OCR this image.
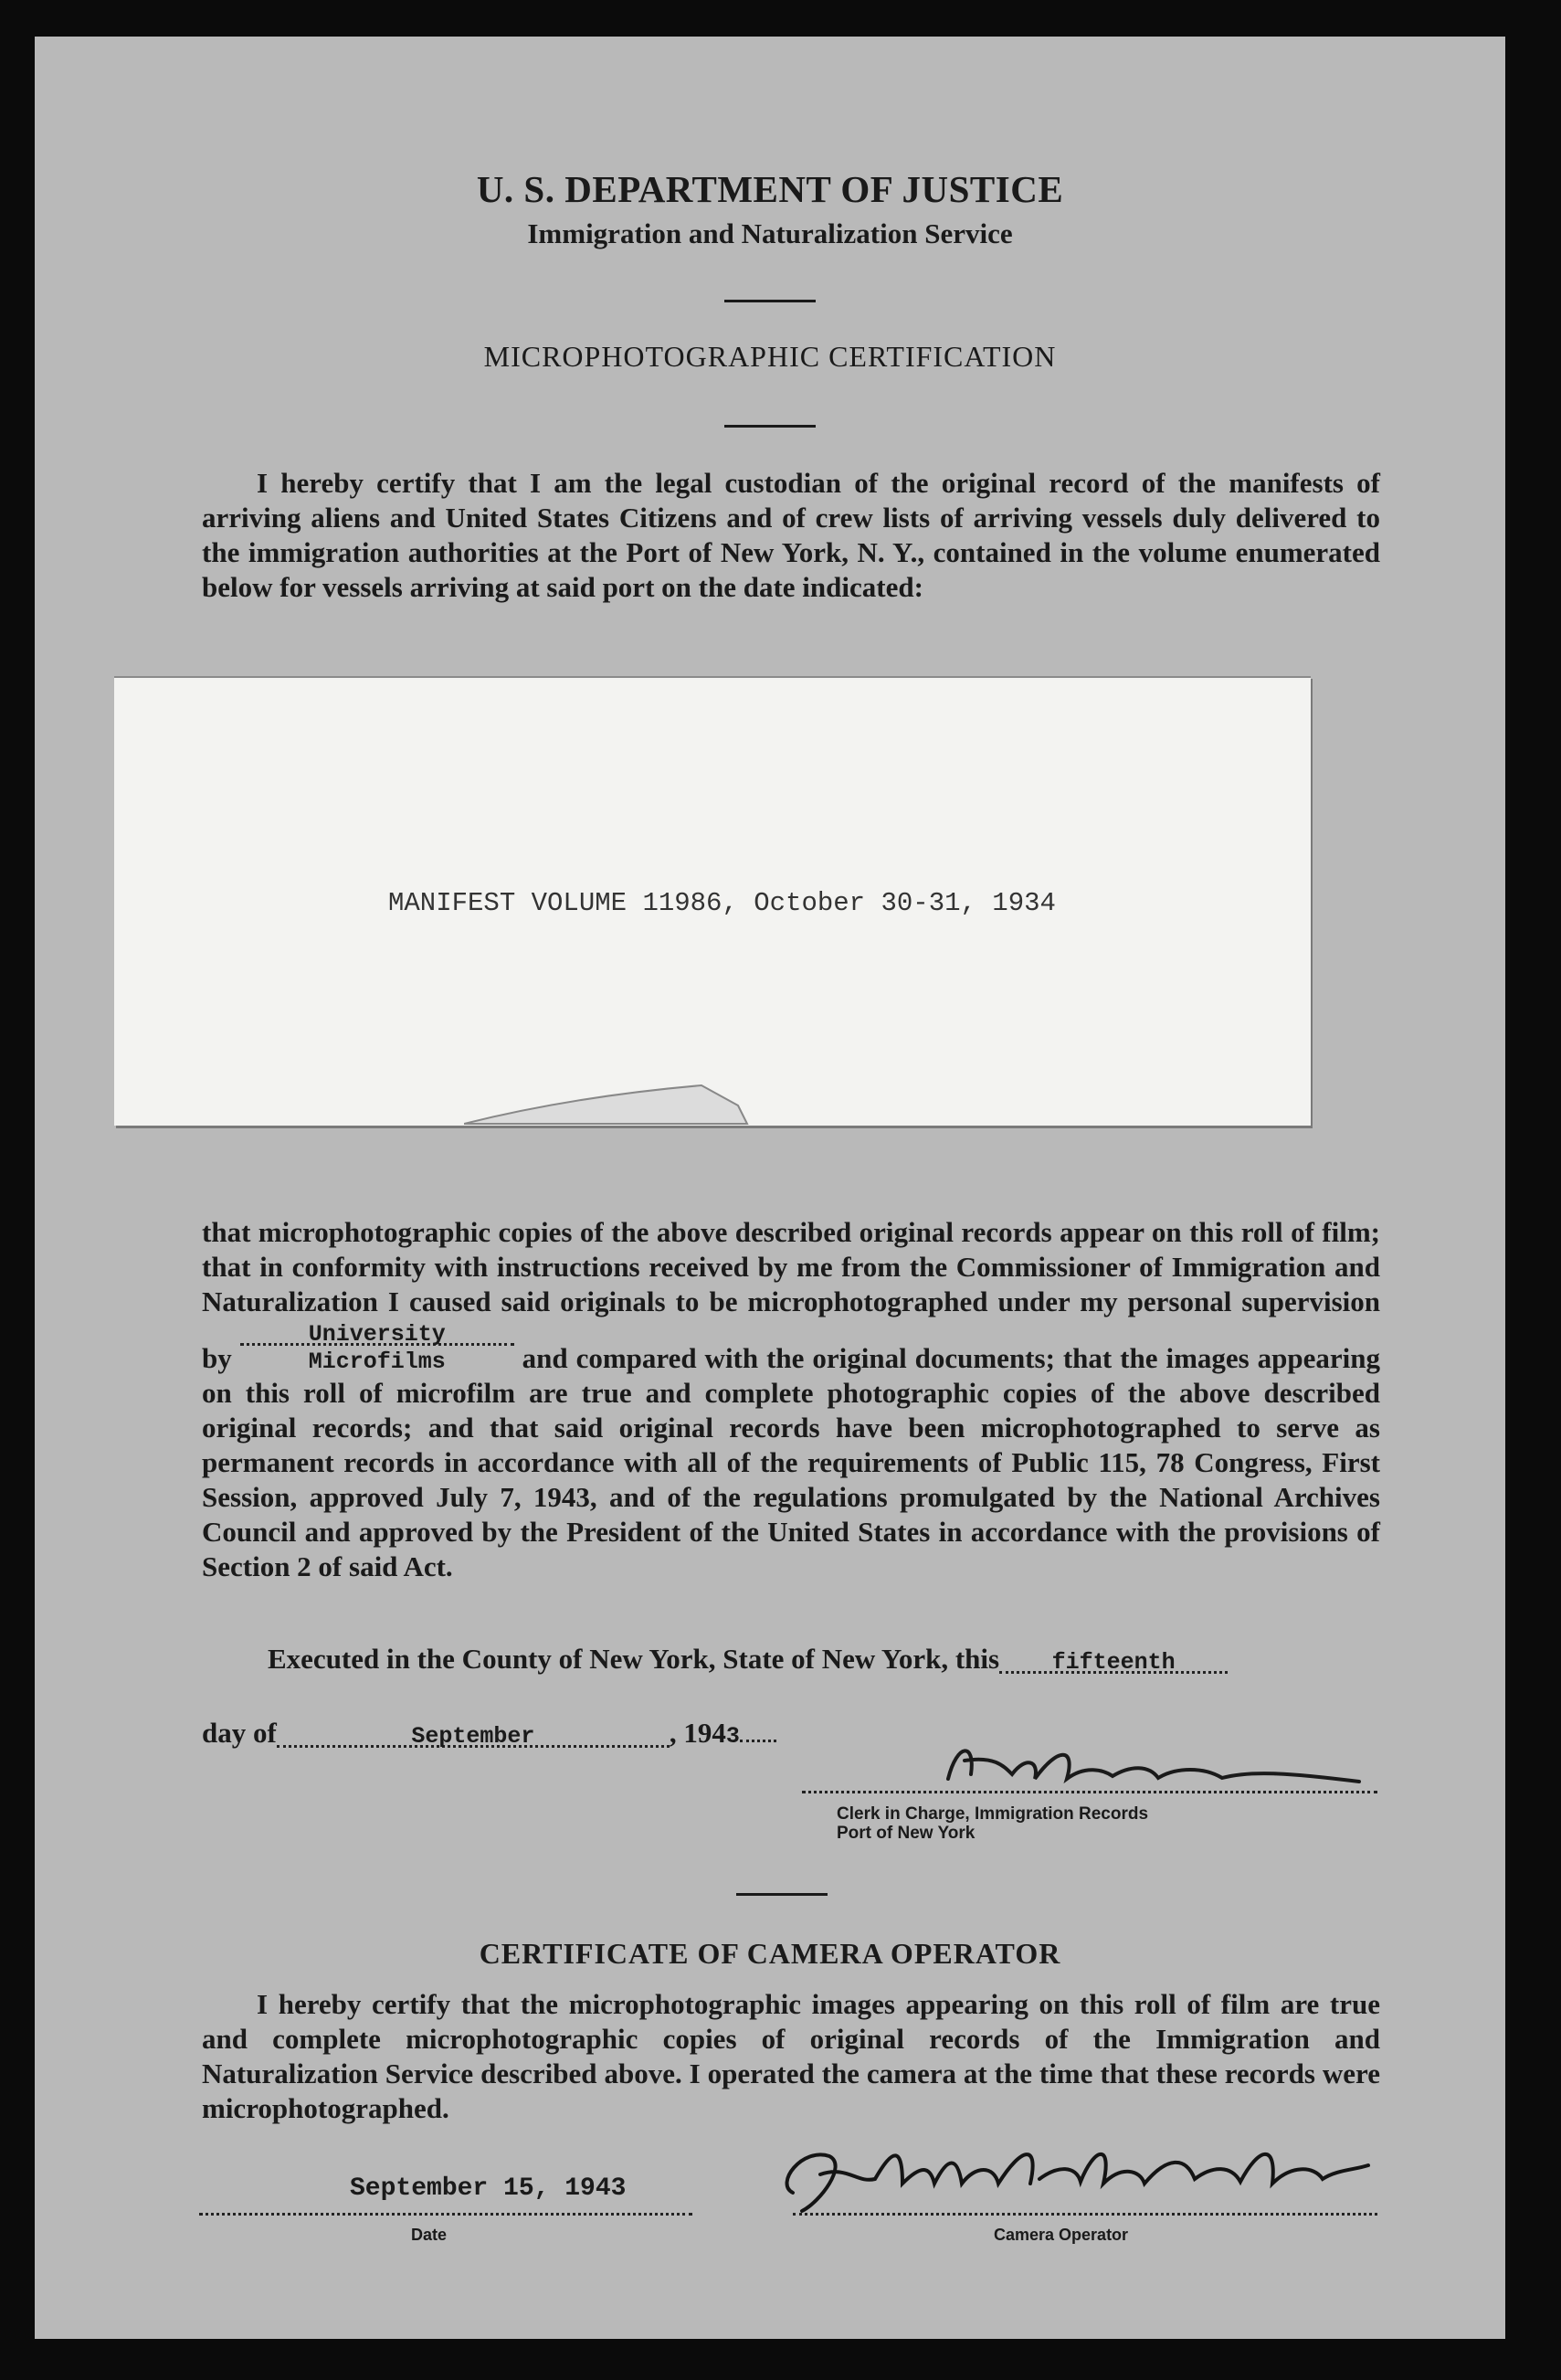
U. S. DEPARTMENT OF JUSTICE
Immigration and Naturalization Service
MICROPHOTOGRAPHIC CERTIFICATION
I hereby certify that I am the legal custodian of the original record of the manifests of arriving aliens and United States Citizens and of crew lists of arriving vessels duly delivered to the immigration authorities at the Port of New York, N. Y., contained in the volume enumerated below for vessels arriving at said port on the date indicated:
MANIFEST VOLUME 11986, October 30-31, 1934
that microphotographic copies of the above described original records appear on this roll of film; that in conformity with instructions received by me from the Commissioner of Immigration and Naturalization I caused said originals to be microphotographed under my personal supervision by University Microfilms	and compared with the original documents; that the images appearing on this roll of microfilm are true and complete photographic copies of the above described original records; and that said original records have been microphotographed to serve as permanent records in accordance with all of the requirements of Public 115, 78 Congress, First Session, approved July 7, 1943, and of the regulations promulgated by the National Archives Council and approved by the President of the United States in accordance with the provisions of Section 2 of said Act.
Executed in the County of New York, State of New York, this fifteenth
day of	September	, 1943
Clerk in Charge, Immigration Records
Port of New York
CERTIFICATE OF CAMERA OPERATOR
I hereby certify that the microphotographic images appearing on this roll of film are true and complete microphotographic copies of original records of the Immigration and Naturalization Service described above. I operated the camera at the time that these records were microphotographed.
September 15, 1943
Date	Camera Operator
